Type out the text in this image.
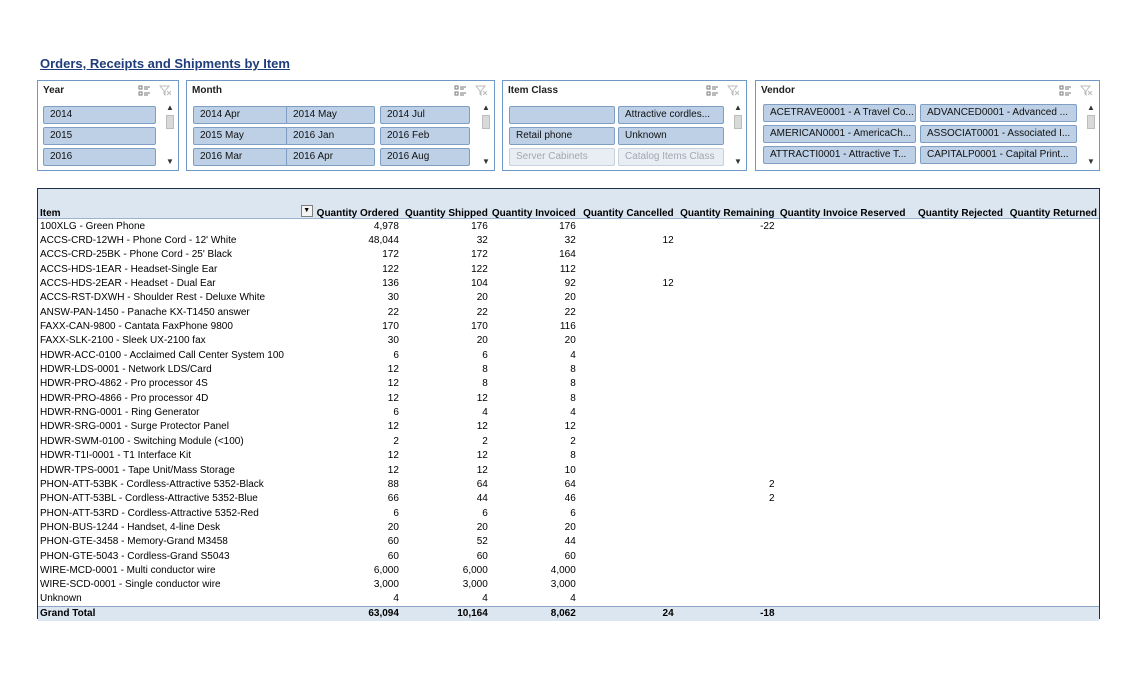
Orders, Receipts and Shipments by Item
Year
2014
2015
2016
▲
▼
Month
2014 Apr	2014 May	2014 Jul
2015 May	2016 Jan	2016 Feb
2016 Mar	2016 Apr	2016 Aug
▲
▼
Item Class
Attractive cordles...
Retail phone	Unknown
Server Cabinets	Catalog Items Class
▲
▼
Vendor
ACETRAVE0001 - A Travel Co...	ADVANCED0001 - Advanced ...
AMERICAN0001 - AmericaCh...	ASSOCIAT0001 - Associated I...
ATTRACTI0001 - Attractive T...	CAPITALP0001 - Capital Print...
▲
▼
Item ▼	Quantity Ordered	Quantity Shipped	Quantity Invoiced	Quantity Cancelled	Quantity Remaining	Quantity Invoice Reserved	Quantity Rejected	Quantity Returned
100XLG - Green Phone	4,978	176	176		-22			
ACCS-CRD-12WH - Phone Cord - 12' White	48,044	32	32	12				
ACCS-CRD-25BK - Phone Cord - 25' Black	172	172	164					
ACCS-HDS-1EAR - Headset-Single Ear	122	122	112					
ACCS-HDS-2EAR - Headset - Dual Ear	136	104	92	12				
ACCS-RST-DXWH - Shoulder Rest - Deluxe White	30	20	20					
ANSW-PAN-1450 - Panache KX-T1450 answer	22	22	22					
FAXX-CAN-9800 - Cantata FaxPhone 9800	170	170	116					
FAXX-SLK-2100 - Sleek UX-2100 fax	30	20	20					
HDWR-ACC-0100 - Acclaimed Call Center System 100	6	6	4					
HDWR-LDS-0001 - Network LDS/Card	12	8	8					
HDWR-PRO-4862 - Pro processor 4S	12	8	8					
HDWR-PRO-4866 - Pro processor 4D	12	12	8					
HDWR-RNG-0001 - Ring Generator	6	4	4					
HDWR-SRG-0001 - Surge Protector Panel	12	12	12					
HDWR-SWM-0100 - Switching Module (<100)	2	2	2					
HDWR-T1I-0001 - T1 Interface Kit	12	12	8					
HDWR-TPS-0001 - Tape Unit/Mass Storage	12	12	10					
PHON-ATT-53BK - Cordless-Attractive 5352-Black	88	64	64		2			
PHON-ATT-53BL - Cordless-Attractive 5352-Blue	66	44	46		2			
PHON-ATT-53RD - Cordless-Attractive 5352-Red	6	6	6					
PHON-BUS-1244 - Handset, 4-line Desk	20	20	20					
PHON-GTE-3458 - Memory-Grand M3458	60	52	44					
PHON-GTE-5043 - Cordless-Grand S5043	60	60	60					
WIRE-MCD-0001 - Multi conductor wire	6,000	6,000	4,000					
WIRE-SCD-0001 - Single conductor wire	3,000	3,000	3,000					
Unknown	4	4	4					
Grand Total	63,094	10,164	8,062	24	-18			
